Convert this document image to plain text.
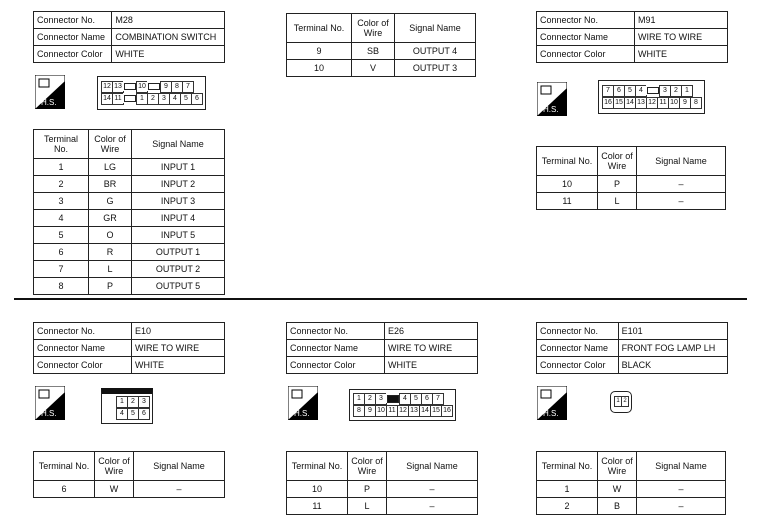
Connector No.	M28
Connector Name	COMBINATION SWITCH
Connector Color	WHITE
H.S.
12 13	10	9	8	7
14 11	1	2	3	4	5	6
Terminal No.	Color of Wire	Signal Name
1	LG	INPUT 1
2	BR	INPUT 2
3	G	INPUT 3
4	GR	INPUT 4
5	O	INPUT 5
6	R	OUTPUT 1
7	L	OUTPUT 2
8	P	OUTPUT 5
Terminal No.	Color of Wire	Signal Name
9	SB	OUTPUT 4
10	V	OUTPUT 3
Connector No.	M91
Connector Name	WIRE TO WIRE
Connector Color	WHITE
H.S.
7	6	5	4	3	2	1
16 15 14 13 12 11 10 9	8
Terminal No.	Color of Wire	Signal Name
10	P	–
11	L	–
Connector No.	E10
Connector Name	WIRE TO WIRE
Connector Color	WHITE
H.S.
1	2	3
4	5	6
Terminal No.	Color of Wire	Signal Name
6	W	–
Connector No.	E26
Connector Name	WIRE TO WIRE
Connector Color	WHITE
H.S.
1	2	3	4	5	6	7
8	9 10 11 12 13 14 15 16
Terminal No.	Color of Wire	Signal Name
10	P	–
11	L	–
Connector No.	E101
Connector Name	FRONT FOG LAMP LH
Connector Color	BLACK
H.S.
1 2
Terminal No.	Color of Wire	Signal Name
1	W	–
2	B	–
